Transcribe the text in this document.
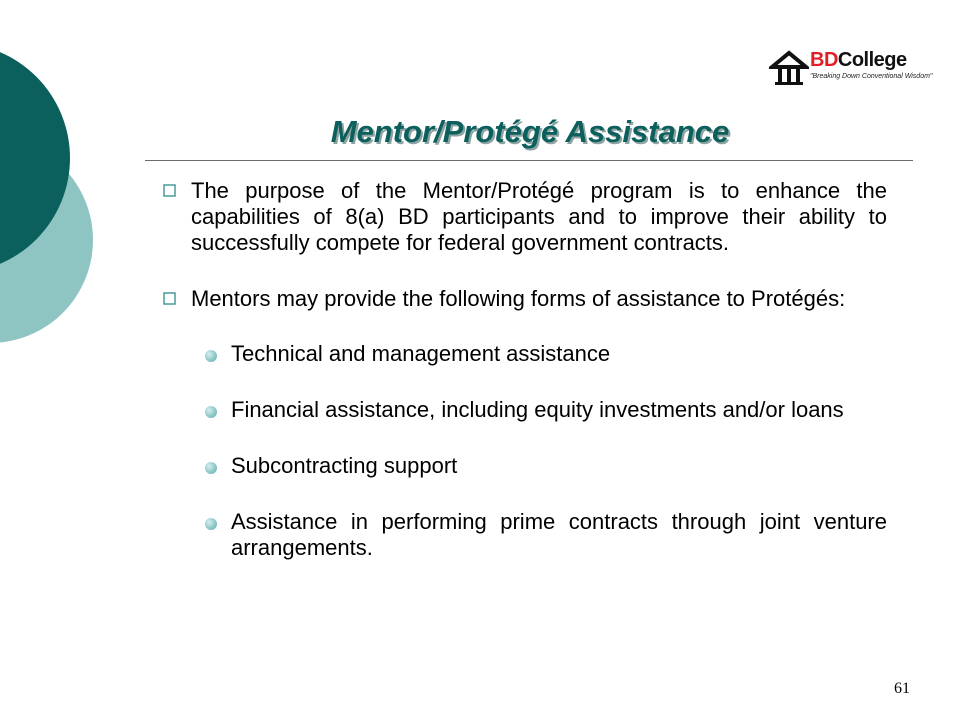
BDCollege
"Breaking Down Conventional Wisdom"
Mentor/Protégé Assistance
The purpose of the Mentor/Protégé program is to enhance the capabilities of 8(a) BD participants and to improve their ability to successfully compete for federal government contracts.
Mentors may provide the following forms of assistance to Protégés:
Technical and management assistance
Financial assistance, including equity investments and/or loans
Subcontracting support
Assistance in performing prime contracts through joint venture arrangements.
61
